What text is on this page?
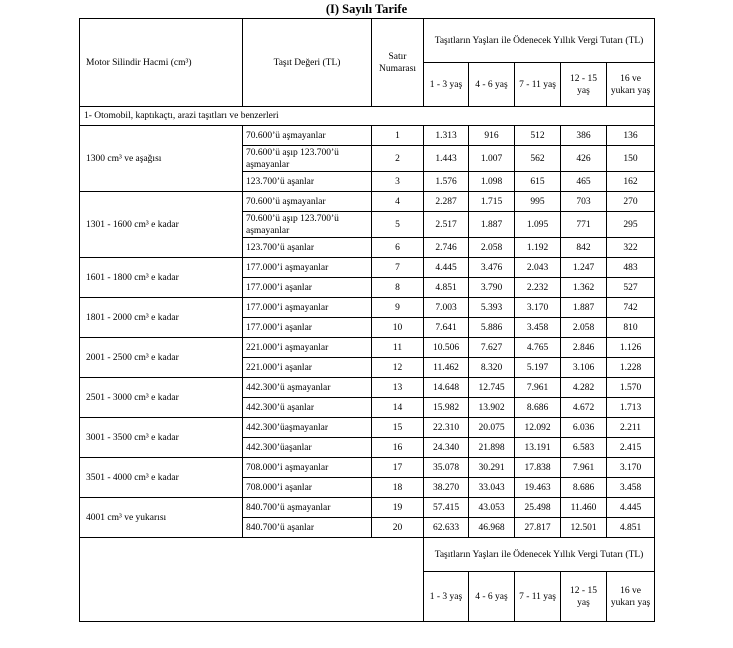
(I) Sayılı Tarife
Motor Silindir Hacmi (cm³)	Taşıt Değeri (TL)	Satır Numarası	Taşıtların Yaşları ile Ödenecek Yıllık Vergi Tutarı (TL)				
			1 - 3 yaş	4 - 6 yaş	7 - 11 yaş	12 - 15 yaş	16 ve yukarı yaş
1- Otomobil, kaptıkaçtı, arazi taşıtları ve benzerleri							
1300 cm³ ve aşağısı	70.600’ü aşmayanlar	1	1.313	916	512	386	136
	70.600’ü aşıp 123.700’ü aşmayanlar	2	1.443	1.007	562	426	150
	123.700’ü aşanlar	3	1.576	1.098	615	465	162
1301 - 1600 cm³ e kadar	70.600’ü aşmayanlar	4	2.287	1.715	995	703	270
	70.600’ü aşıp 123.700’ü aşmayanlar	5	2.517	1.887	1.095	771	295
	123.700’ü aşanlar	6	2.746	2.058	1.192	842	322
1601 - 1800 cm³ e kadar	177.000’i aşmayanlar	7	4.445	3.476	2.043	1.247	483
	177.000’i aşanlar	8	4.851	3.790	2.232	1.362	527
1801 - 2000 cm³ e kadar	177.000’i aşmayanlar	9	7.003	5.393	3.170	1.887	742
	177.000’i aşanlar	10	7.641	5.886	3.458	2.058	810
2001 - 2500 cm³ e kadar	221.000’i aşmayanlar	11	10.506	7.627	4.765	2.846	1.126
	221.000’i aşanlar	12	11.462	8.320	5.197	3.106	1.228
2501 - 3000 cm³ e kadar	442.300’ü aşmayanlar	13	14.648	12.745	7.961	4.282	1.570
	442.300’ü aşanlar	14	15.982	13.902	8.686	4.672	1.713
3001 - 3500 cm³ e kadar	442.300’üaşmayanlar	15	22.310	20.075	12.092	6.036	2.211
	442.300’üaşanlar	16	24.340	21.898	13.191	6.583	2.415
3501 - 4000 cm³ e kadar	708.000’i aşmayanlar	17	35.078	30.291	17.838	7.961	3.170
	708.000’i aşanlar	18	38.270	33.043	19.463	8.686	3.458
4001 cm³ ve yukarısı	840.700’ü aşmayanlar	19	57.415	43.053	25.498	11.460	4.445
	840.700’ü aşanlar	20	62.633	46.968	27.817	12.501	4.851
			Taşıtların Yaşları ile Ödenecek Yıllık Vergi Tutarı (TL)				
			1 - 3 yaş	4 - 6 yaş	7 - 11 yaş	12 - 15 yaş	16 ve yukarı yaş
